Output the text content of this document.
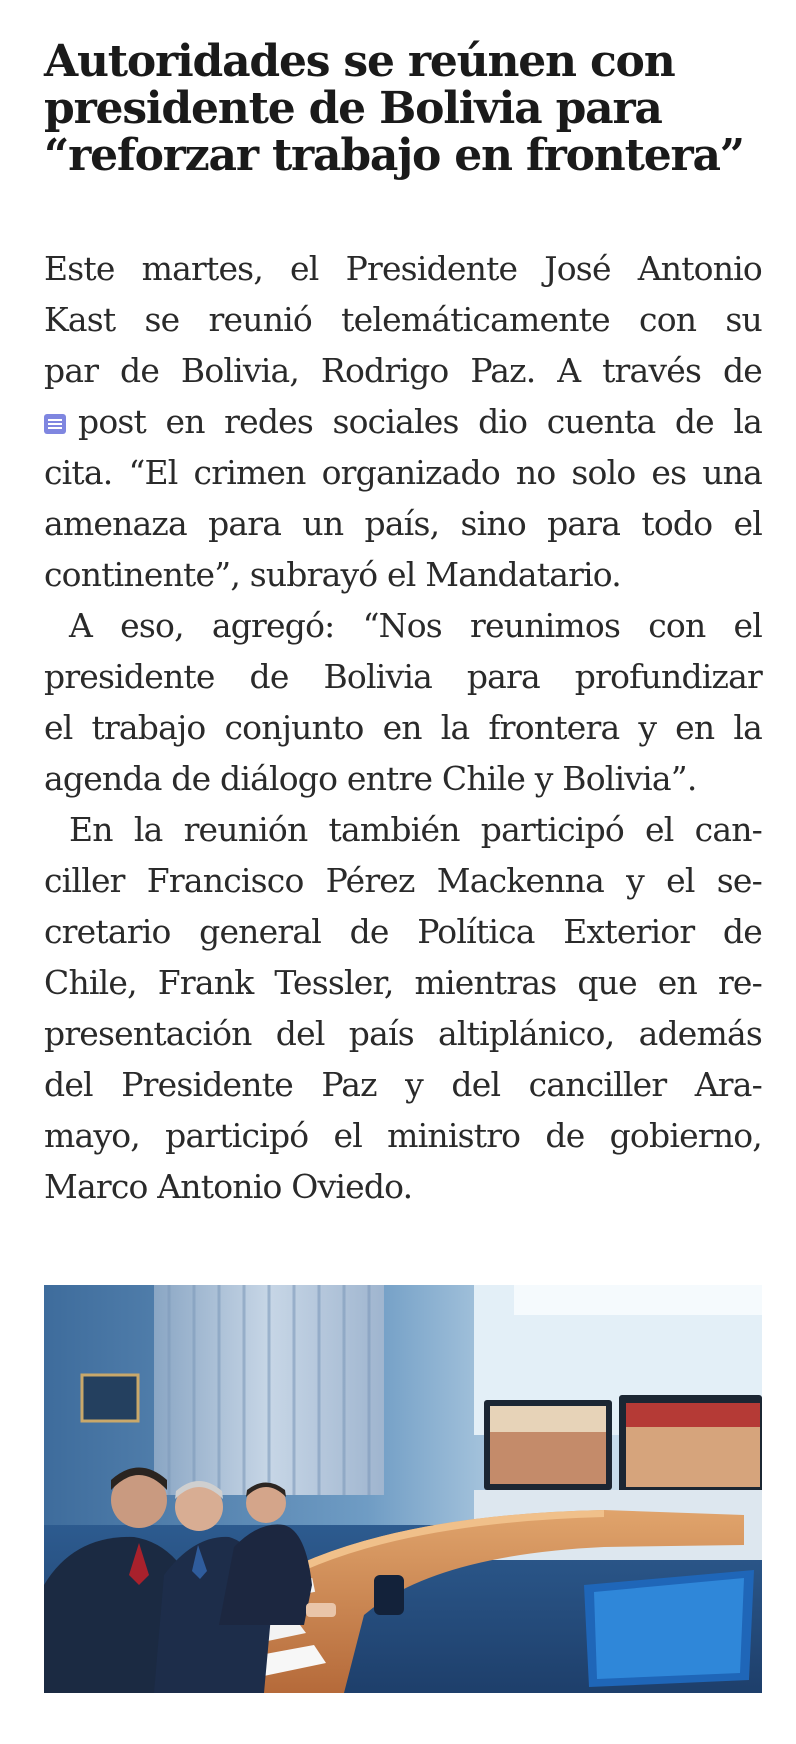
Autoridades se reúnen con
presidente de Bolivia para
“reforzar trabajo en frontera”
Este martes, el Presidente José Antonio
Kast se reunió telemáticamente con su
par de Bolivia, Rodrigo Paz. A través de
post en redes sociales dio cuenta de la
cita. “El crimen organizado no solo es una
amenaza para un país, sino para todo el
continente”, subrayó el Mandatario.
A eso, agregó: “Nos reunimos con el
presidente de Bolivia para profundizar
el trabajo conjunto en la frontera y en la
agenda de diálogo entre Chile y Bolivia”.
En la reunión también participó el can-
ciller Francisco Pérez Mackenna y el se-
cretario general de Política Exterior de
Chile, Frank Tessler, mientras que en re-
presentación del país altiplánico, además
del Presidente Paz y del canciller Ara-
mayo, participó el ministro de gobierno,
Marco Antonio Oviedo.
